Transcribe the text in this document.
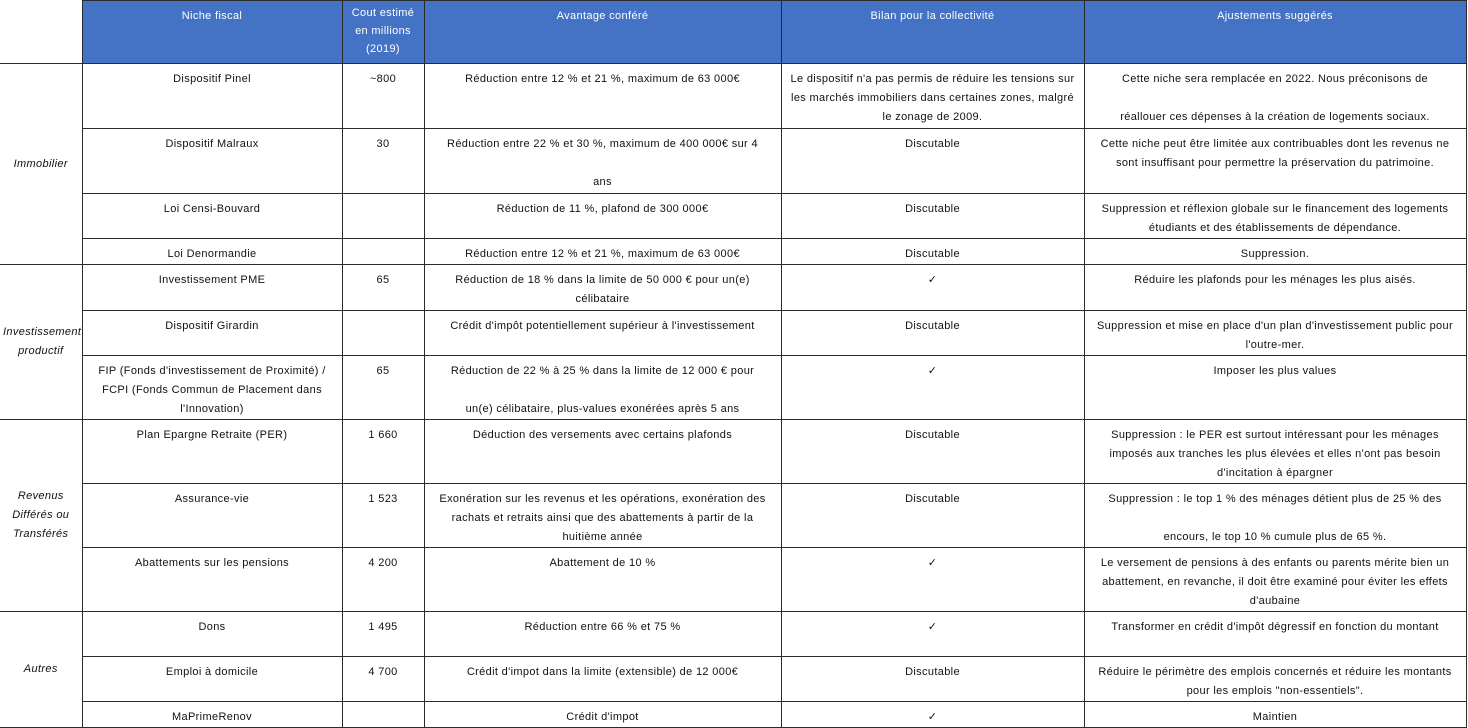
	Niche fiscal	Cout estimé en millions (2019)	Avantage conféré	Bilan pour la collectivité	Ajustements suggérés

Immobilier	Dispositif Pinel	~800	Réduction entre 12 % et 21 %, maximum de 63 000€	Le dispositif n'a pas permis de réduire les tensions sur les marchés immobiliers dans certaines zones, malgré le zonage de 2009.	Cette niche sera remplacée en 2022. Nous préconisons de
réallouer ces dépenses à la création de logements sociaux.
	Dispositif Malraux	30	Réduction entre 22 % et 30 %, maximum de 400 000€ sur 4
ans	Discutable	Cette niche peut être limitée aux contribuables dont les revenus ne sont insuffisant pour permettre la préservation du patrimoine.
	Loi Censi-Bouvard		Réduction de 11 %, plafond de 300 000€	Discutable	Suppression et réflexion globale sur le financement des logements étudiants et des établissements de dépendance.
	Loi Denormandie		Réduction entre 12 % et 21 %, maximum de 63 000€	Discutable	Suppression.

Investissement productif	Investissement PME	65	Réduction de 18 % dans la limite de 50 000 € pour un(e) célibataire	✓	Réduire les plafonds pour les ménages les plus aisés.
	Dispositif Girardin		Crédit d'impôt potentiellement supérieur à l'investissement	Discutable	Suppression et mise en place d'un plan d'investissement public pour l'outre-mer.
	FIP (Fonds d'investissement de Proximité) / FCPI (Fonds Commun de Placement dans l'Innovation)	65	Réduction de 22 % à 25 % dans la limite de 12 000 € pour
un(e) célibataire, plus-values exonérées après 5 ans	✓	Imposer les plus values

Revenus Différés ou Transférés	Plan Epargne Retraite (PER)	1 660	Déduction des versements avec certains plafonds	Discutable	Suppression : le PER est surtout intéressant pour les ménages imposés aux tranches les plus élevées et elles n'ont pas besoin d'incitation à épargner
	Assurance-vie	1 523	Exonération sur les revenus et les opérations, exonération des rachats et retraits ainsi que des abattements à partir de la huitième année	Discutable	Suppression : le top 1 % des ménages détient plus de 25 % des
encours, le top 10 % cumule plus de 65 %.
	Abattements sur les pensions	4 200	Abattement de 10 %	✓	Le versement de pensions à des enfants ou parents mérite bien un abattement, en revanche, il doit être examiné pour éviter les effets d'aubaine

Autres	Dons	1 495	Réduction entre 66 % et 75 %	✓	Transformer en crédit d'impôt dégressif en fonction du montant
	Emploi à domicile	4 700	Crédit d'impot dans la limite (extensible) de 12 000€	Discutable	Réduire le périmètre des emplois concernés et réduire les montants pour les emplois "non-essentiels".
	MaPrimeRenov		Crédit d'impot	✓	Maintien
